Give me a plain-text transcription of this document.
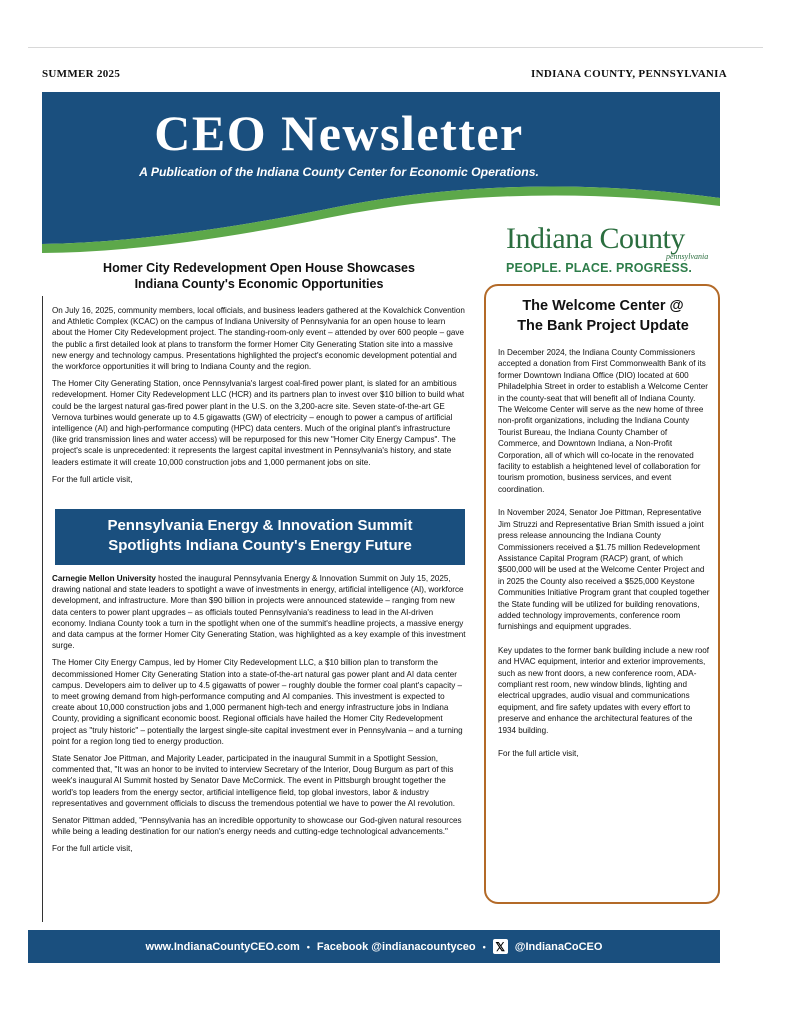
SUMMER 2025	INDIANA COUNTY, PENNSYLVANIA
CEO Newsletter
A Publication of the Indiana County Center for Economic Operations.
Indiana County
pennsylvania
PEOPLE. PLACE. PROGRESS.
Homer City Redevelopment Open House Showcases
Indiana County's Economic Opportunities

On July 16, 2025, community members, local officials, and business leaders gathered at the Kovalchick Convention and Athletic Complex (KCAC) on the campus of Indiana University of Pennsylvania for an open house to learn about the Homer City Redevelopment project. The standing-room-only event – attended by over 600 people – gave the public a first detailed look at plans to transform the former Homer City Generating Station site into a massive new energy and technology campus. Presentations highlighted the project's economic development potential and the workforce opportunities it will bring to Indiana County and the region.

The Homer City Generating Station, once Pennsylvania's largest coal-fired power plant, is slated for an ambitious redevelopment. Homer City Redevelopment LLC (HCR) and its partners plan to invest over $10 billion to build what could be the largest natural gas-fired power plant in the U.S. on the 3,200-acre site. Seven state-of-the-art GE Vernova turbines would generate up to 4.5 gigawatts (GW) of electricity – enough to power a campus of artificial intelligence (AI) and high-performance computing (HPC) data centers. Much of the original plant's infrastructure (like grid transmission lines and water access) will be repurposed for this new "Homer City Energy Campus". The project's scale is unprecedented: it represents the largest capital investment in Pennsylvania's history, and state leaders estimate it will create 10,000 construction jobs and 1,000 permanent jobs on site.

For the full article visit,

Pennsylvania Energy & Innovation Summit
Spotlights Indiana County's Energy Future

Carnegie Mellon University hosted the inaugural Pennsylvania Energy & Innovation Summit on July 15, 2025, drawing national and state leaders to spotlight a wave of investments in energy, artificial intelligence (AI), workforce development, and infrastructure. More than $90 billion in projects were announced statewide – ranging from new data centers to power plant upgrades – as officials touted Pennsylvania's readiness to lead in the AI-driven economy. Indiana County took a turn in the spotlight when one of the summit's headline projects, a massive energy and data campus at the former Homer City Generating Station, was highlighted as a key example of this investment surge.

The Homer City Energy Campus, led by Homer City Redevelopment LLC, a $10 billion plan to transform the decommissioned Homer City Generating Station into a state-of-the-art natural gas power plant and AI data center campus. Developers aim to deliver up to 4.5 gigawatts of power – roughly double the former coal plant's capacity – to meet growing demand from high-performance computing and AI companies. This investment is expected to create about 10,000 construction jobs and 1,000 permanent high-tech and energy infrastructure jobs in Indiana County, providing a significant economic boost. Regional officials have hailed the Homer City Redevelopment project as "truly historic" – potentially the largest single-site capital investment ever in Pennsylvania – and a turning point for a region long tied to energy production.

State Senator Joe Pittman, and Majority Leader, participated in the inaugural Summit in a Spotlight Session, commented that, "It was an honor to be invited to interview Secretary of the Interior, Doug Burgum as part of this week's inaugural AI Summit hosted by Senator Dave McCormick. The event in Pittsburgh brought together the world's top leaders from the energy sector, artificial intelligence field, top global investors, labor & industry representatives and government officials to discuss the tremendous potential we have to power the AI revolution.

Senator Pittman added, "Pennsylvania has an incredible opportunity to showcase our God-given natural resources while being a leading destination for our nation's energy needs and cutting-edge technological advancements."

For the full article visit,

The Welcome Center @
The Bank Project Update

In December 2024, the Indiana County Commissioners accepted a donation from First Commonwealth Bank of its former Downtown Indiana Office (DIO) located at 600 Philadelphia Street in order to establish a Welcome Center in the county-seat that will benefit all of Indiana County. The Welcome Center will serve as the new home of three non-profit organizations, including the Indiana County Tourist Bureau, the Indiana County Chamber of Commerce, and Downtown Indiana, a Non-Profit Corporation, all of which will co-locate in the renovated facility to establish a heightened level of collaboration for tourism promotion, business services, and event coordination.

In November 2024, Senator Joe Pittman, Representative Jim Struzzi and Representative Brian Smith issued a joint press release announcing the Indiana County Commissioners received a $1.75 million Redevelopment Assistance Capital Program (RACP) grant, of which $500,000 will be used at the Welcome Center Project and in 2025 the County also received a $525,000 Keystone Communities Initiative Program grant that coupled together the State funding will be utilized for building renovations, added technology improvements, conference room furnishings and equipment upgrades.

Key updates to the former bank building include a new roof and HVAC equipment, interior and exterior improvements, such as new front doors, a new conference room, ADA-compliant rest room, new window blinds, lighting and electrical upgrades, audio visual and communications equipment, and fire safety updates with every effort to preserve and enhance the architectural features of the 1934 building.

For the full article visit,

www.IndianaCountyCEO.com • Facebook @indianacountyceo • 𝕏 @IndianaCoCEO
